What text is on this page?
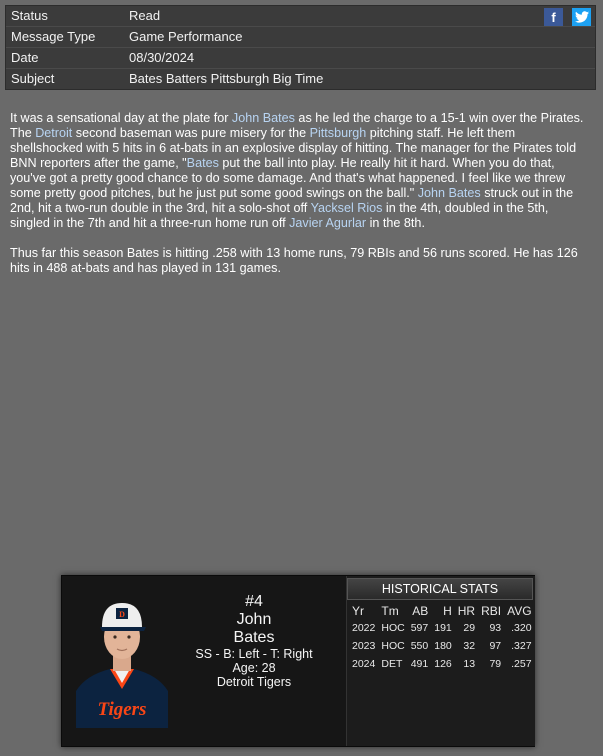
Status	Read
Message Type	Game Performance
Date	08/30/2024
Subject	Bates Batters Pittsburgh Big Time
f

It was a sensational day at the plate for John Bates as he led the charge to a 15-1 win over the Pirates. The Detroit second baseman was pure misery for the Pittsburgh pitching staff. He left them shellshocked with 5 hits in 6 at-bats in an explosive display of hitting. The manager for the Pirates told BNN reporters after the game, "Bates put the ball into play. He really hit it hard. When you do that, you've got a pretty good chance to do some damage. And that's what happened. I feel like we threw some pretty good pitches, but he just put some good swings on the ball." John Bates struck out in the 2nd, hit a two-run double in the 3rd, hit a solo-shot off Yacksel Rios in the 4th, doubled in the 5th, singled in the 7th and hit a three-run home run off Javier Agurlar in the 8th.

Thus far this season Bates is hitting .258 with 13 home runs, 79 RBIs and 56 runs scored. He has 126 hits in 488 at-bats and has played in 131 games.

D
Tigers
#4
John
Bates
SS - B: Left - T: Right
Age: 28
Detroit Tigers
HISTORICAL STATS
Yr	Tm	AB	H	HR	RBI	AVG
2022	HOC	597	191	29	93	.320
2023	HOC	550	180	32	97	.327
2024	DET	491	126	13	79	.257
